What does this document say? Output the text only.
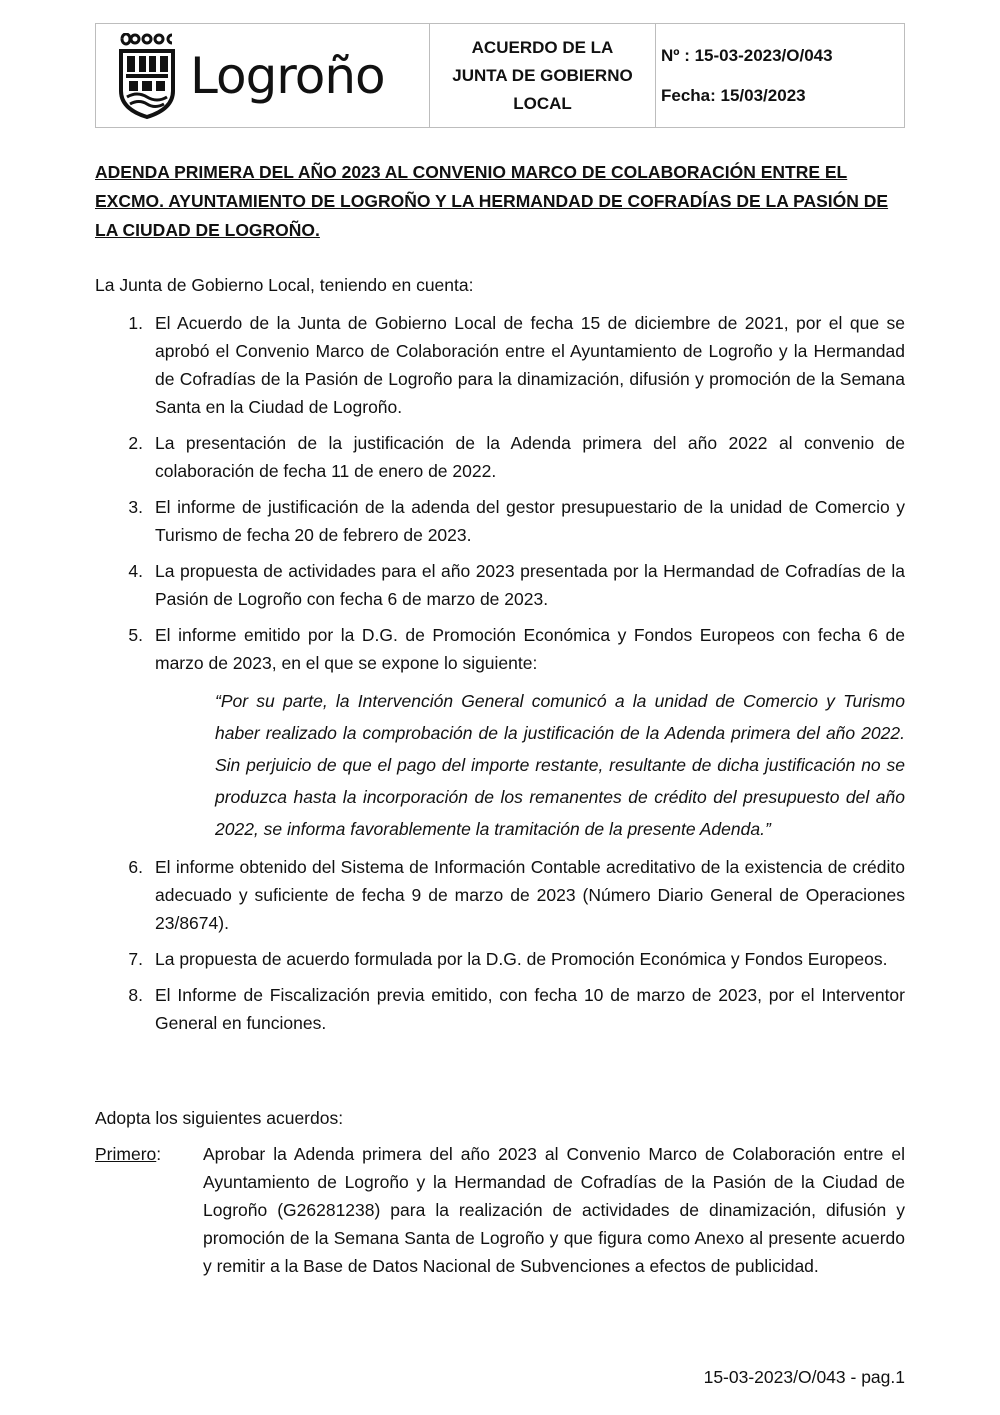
Logroño	ACUERDO DE LA
JUNTA DE GOBIERNO
LOCAL
Nº : 15-03-2023/O/043
Fecha: 15/03/2023
ADENDA PRIMERA DEL AÑO 2023 AL CONVENIO MARCO DE COLABORACIÓN ENTRE EL EXCMO. AYUNTAMIENTO DE LOGROÑO Y LA HERMANDAD DE COFRADÍAS DE LA PASIÓN DE LA CIUDAD DE LOGROÑO.
La Junta de Gobierno Local, teniendo en cuenta:
1. El Acuerdo de la Junta de Gobierno Local de fecha 15 de diciembre de 2021, por el que se aprobó el Convenio Marco de Colaboración entre el Ayuntamiento de Logroño y la Hermandad de Cofradías de la Pasión de Logroño para la dinamización, difusión y promoción de la Semana Santa en la Ciudad de Logroño.
2. La presentación de la justificación de la Adenda primera del año 2022 al convenio de colaboración de fecha 11 de enero de 2022.
3. El informe de justificación de la adenda del gestor presupuestario de la unidad de Comercio y Turismo de fecha 20 de febrero de 2023.
4. La propuesta de actividades para el año 2023 presentada por la Hermandad de Cofradías de la Pasión de Logroño con fecha 6 de marzo de 2023.
5. El informe emitido por la D.G. de Promoción Económica y Fondos Europeos con fecha 6 de marzo de 2023, en el que se expone lo siguiente:
“Por su parte, la Intervención General comunicó a la unidad de Comercio y Turismo haber realizado la comprobación de la justificación de la Adenda primera del año 2022. Sin perjuicio de que el pago del importe restante, resultante de dicha justificación no se produzca hasta la incorporación de los remanentes de crédito del presupuesto del año 2022, se informa favorablemente la tramitación de la presente Adenda.”
6. El informe obtenido del Sistema de Información Contable acreditativo de la existencia de crédito adecuado y suficiente de fecha 9 de marzo de 2023 (Número Diario General de Operaciones 23/8674).
7. La propuesta de acuerdo formulada por la D.G. de Promoción Económica y Fondos Europeos.
8. El Informe de Fiscalización previa emitido, con fecha 10 de marzo de 2023, por el Interventor General en funciones.
Adopta los siguientes acuerdos:
Primero:	Aprobar la Adenda primera del año 2023 al Convenio Marco de Colaboración entre el Ayuntamiento de Logroño y la Hermandad de Cofradías de la Pasión de la Ciudad de Logroño (G26281238) para la realización de actividades de dinamización, difusión y promoción de la Semana Santa de Logroño y que figura como Anexo al presente acuerdo y remitir a la Base de Datos Nacional de Subvenciones a efectos de publicidad.
15-03-2023/O/043 - pag.1
